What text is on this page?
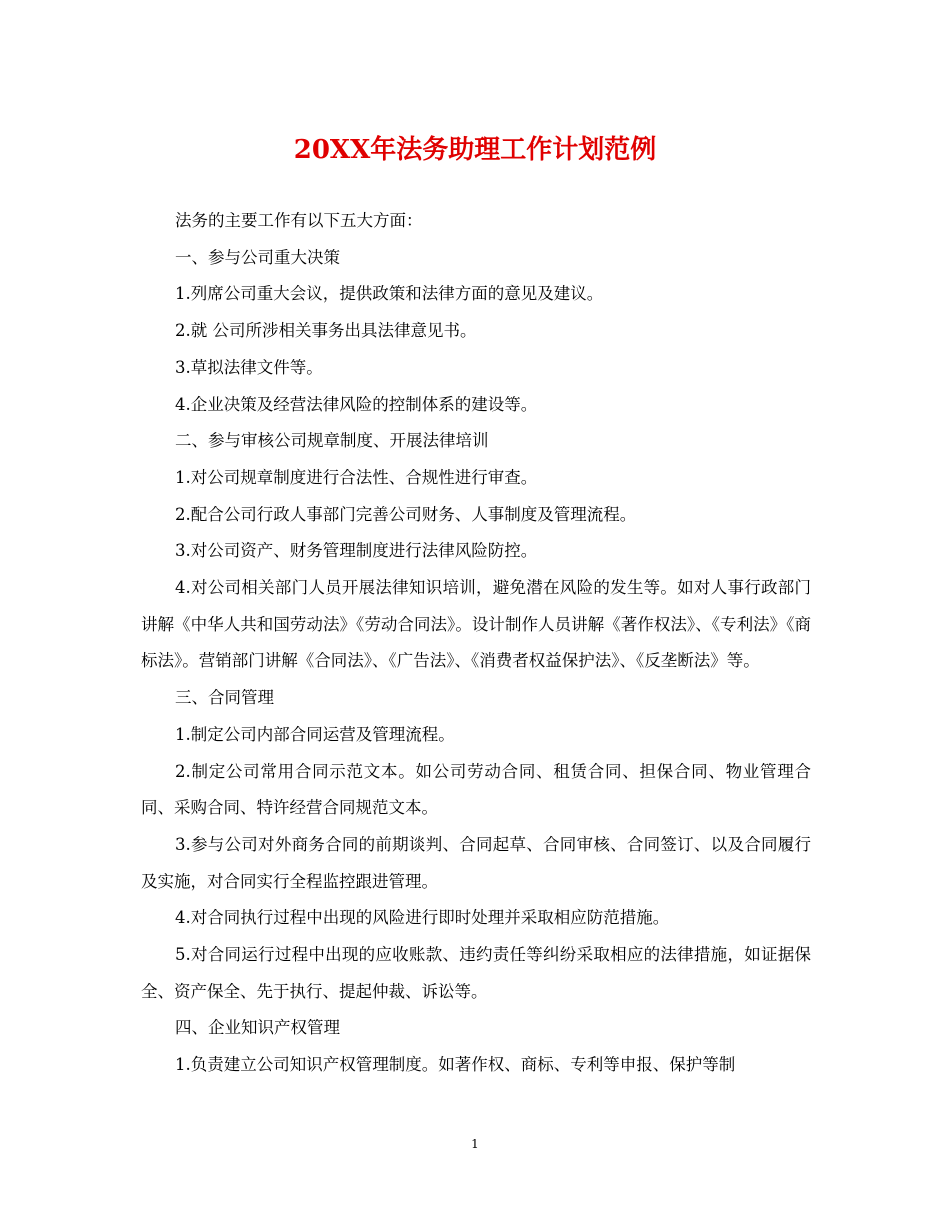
20XX年法务助理工作计划范例

法务的主要工作有以下五大方面：

一、参与公司重大决策

1.列席公司重大会议，提供政策和法律方面的意见及建议。

2.就 公司所涉相关事务出具法律意见书。

3.草拟法律文件等。

4.企业决策及经营法律风险的控制体系的建设等。

二、参与审核公司规章制度、开展法律培训

1.对公司规章制度进行合法性、合规性进行审查。

2.配合公司行政人事部门完善公司财务、人事制度及管理流程。

3.对公司资产、财务管理制度进行法律风险防控。

4.对公司相关部门人员开展法律知识培训，避免潜在风险的发生等。如对人事行政部门讲解《中华人共和国劳动法》《劳动合同法》。设计制作人员讲解《著作权法》、《专利法》《商标法》。营销部门讲解《合同法》、《广告法》、《消费者权益保护法》、《反垄断法》等。

三、合同管理

1.制定公司内部合同运营及管理流程。

2.制定公司常用合同示范文本。如公司劳动合同、租赁合同、担保合同、物业管理合同、采购合同、特许经营合同规范文本。

3.参与公司对外商务合同的前期谈判、合同起草、合同审核、合同签订、以及合同履行及实施，对合同实行全程监控跟进管理。

4.对合同执行过程中出现的风险进行即时处理并采取相应防范措施。

5.对合同运行过程中出现的应收账款、违约责任等纠纷采取相应的法律措施，如证据保全、资产保全、先于执行、提起仲裁、诉讼等。

四、企业知识产权管理

1.负责建立公司知识产权管理制度。如著作权、商标、专利等申报、保护等制

1
